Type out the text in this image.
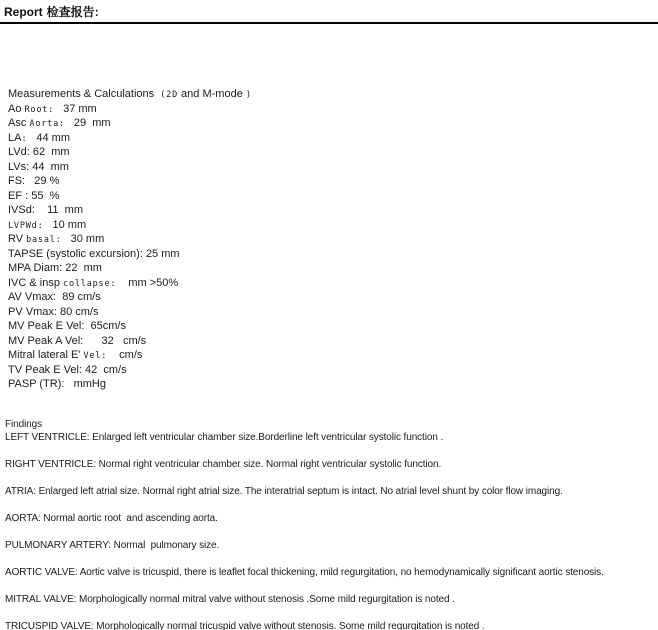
Report 检查报告:
Measurements & Calculations  (2D and M-mode )
Ao Root:  37 mm
Asc Aorta:  29  mm
LA:  44 mm
LVd: 62  mm
LVs: 44  mm
FS:   29 %
EF : 55  %
IVSd:    11  mm
LVPWd:  10 mm
RV basal:  30 mm
TAPSE (systolic excursion): 25 mm
MPA Diam: 22  mm
IVC & insp collapse:   mm >50%
AV Vmax:  89 cm/s
PV Vmax: 80 cm/s
MV Peak E Vel:  65cm/s
MV Peak A Vel:      32   cm/s
Mitral lateral E' Vel:   cm/s
TV Peak E Vel: 42  cm/s
PASP (TR):   mmHg
Findings
LEFT VENTRICLE: Enlarged left ventricular chamber size.Borderline left ventricular systolic function .
RIGHT VENTRICLE: Normal right ventricular chamber size. Normal right ventricular systolic function.
ATRIA: Enlarged left atrial size. Normal right atrial size. The interatrial septum is intact. No atrial level shunt by color flow imaging.
AORTA: Normal aortic root  and ascending aorta.
PULMONARY ARTERY: Normal  pulmonary size.
AORTIC VALVE: Aortic valve is tricuspid, there is leaflet focal thickening, mild regurgitation, no hemodynamically significant aortic stenosis.
MITRAL VALVE: Morphologically normal mitral valve without stenosis .Some mild regurgitation is noted .
TRICUSPID VALVE: Morphologically normal tricuspid valve without stenosis. Some mild regurgitation is noted .
